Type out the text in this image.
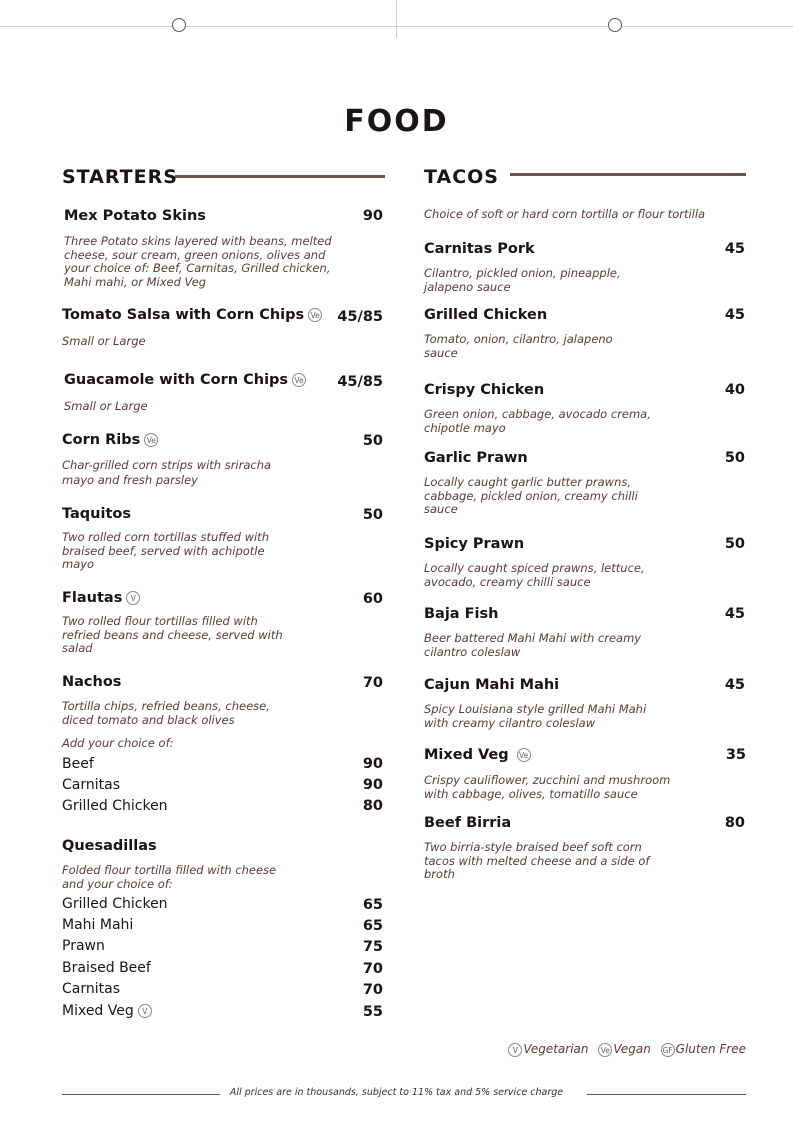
FOOD
STARTERS
Mex Potato Skins	90
Three Potato skins layered with beans, melted cheese, sour cream, green onions, olives and your choice of: Beef, Carnitas, Grilled chicken, Mahi mahi, or Mixed Veg
Tomato Salsa with Corn Chips Ve 45/85
Small or Large
Guacamole with Corn Chips Ve 45/85
Small or Large
Corn Ribs Ve	50
Char-grilled corn strips with sriracha mayo and fresh parsley
Taquitos	50
Two rolled corn tortillas stuffed with braised beef, served with achipotle mayo
Flautas V	60
Two rolled flour tortillas filled with refried beans and cheese, served with salad
Nachos	70
Tortilla chips, refried beans, cheese, diced tomato and black olives
Add your choice of:
Beef	90
Carnitas	90
Grilled Chicken	80
Quesadillas
Folded flour tortilla filled with cheese and your choice of:
Grilled Chicken	65
Mahi Mahi	65
Prawn	75
Braised Beef	70
Carnitas	70
Mixed Veg V	55
TACOS
Choice of soft or hard corn tortilla or flour tortilla
Carnitas Pork	45
Cilantro, pickled onion, pineapple, jalapeno sauce
Grilled Chicken	45
Tomato, onion, cilantro, jalapeno sauce
Crispy Chicken	40
Green onion, cabbage, avocado crema, chipotle mayo
Garlic Prawn	50
Locally caught garlic butter prawns, cabbage, pickled onion, creamy chilli sauce
Spicy Prawn	50
Locally caught spiced prawns, lettuce, avocado, creamy chilli sauce
Baja Fish	45
Beer battered Mahi Mahi with creamy cilantro coleslaw
Cajun Mahi Mahi	45
Spicy Louisiana style grilled Mahi Mahi with creamy cilantro coleslaw
Mixed Veg Ve	35
Crispy cauliflower, zucchini and mushroom with cabbage, olives, tomatillo sauce
Beef Birria	80
Two birria-style braised beef soft corn tacos with melted cheese and a side of broth
V Vegetarian Ve Vegan GF Gluten Free
All prices are in thousands, subject to 11% tax and 5% service charge
